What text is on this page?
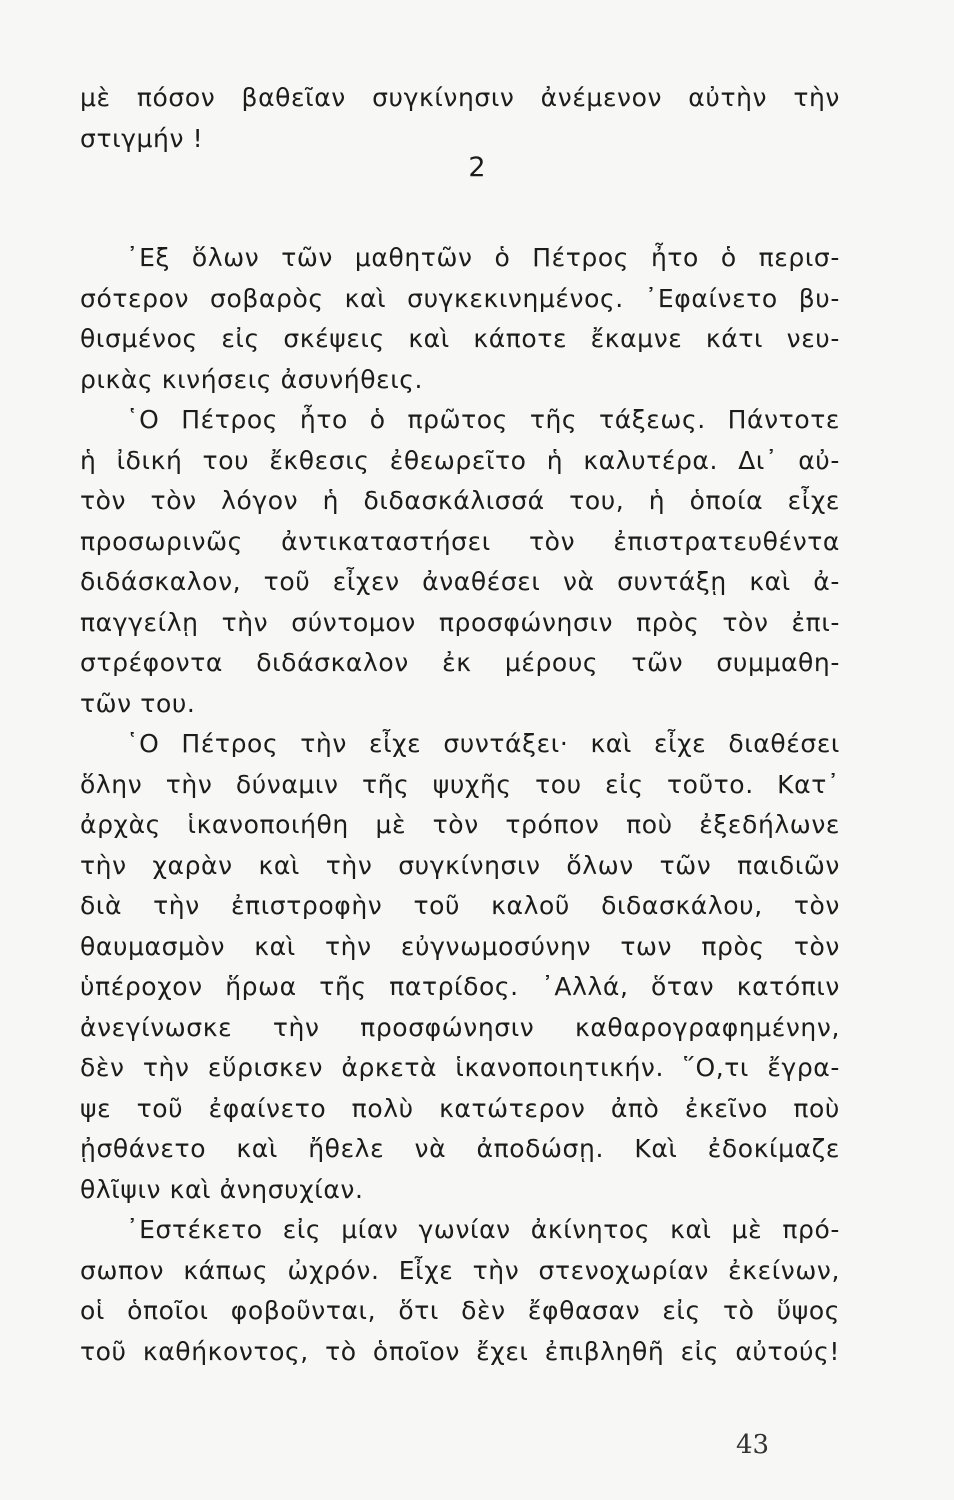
μὲ πόσον βαθεῖαν συγκίνησιν ἀνέμενον αὐτὴν τὴν
στιγμήν !
2
᾿Εξ ὅλων τῶν μαθητῶν ὁ Πέτρος ἦτο ὁ περισ-
σότερον σοβαρὸς καὶ συγκεκινημένος. ᾿Εφαίνετο βυ-
θισμένος εἰς σκέψεις καὶ κάποτε ἔκαμνε κάτι νευ-
ρικὰς κινήσεις ἀσυνήθεις.
῾Ο Πέτρος ἦτο ὁ πρῶτος τῆς τάξεως. Πάντοτε
ἡ ἰδική του ἔκθεσις ἐθεωρεῖτο ἡ καλυτέρα. Δι᾿ αὐ-
τὸν τὸν λόγον ἡ διδασκάλισσά του, ἡ ὁποία εἶχε
προσωρινῶς ἀντικαταστήσει τὸν ἐπιστρατευθέντα
διδάσκαλον, τοῦ εἶχεν ἀναθέσει νὰ συντάξῃ καὶ ἀ-
παγγείλῃ τὴν σύντομον προσφώνησιν πρὸς τὸν ἐπι-
στρέφοντα διδάσκαλον ἐκ μέρους τῶν συμμαθη-
τῶν του.
῾Ο Πέτρος τὴν εἶχε συντάξει· καὶ εἶχε διαθέσει
ὅλην τὴν δύναμιν τῆς ψυχῆς του εἰς τοῦτο. Κατ᾿
ἀρχὰς ἱκανοποιήθη μὲ τὸν τρόπον ποὺ ἐξεδήλωνε
τὴν χαρὰν καὶ τὴν συγκίνησιν ὅλων τῶν παιδιῶν
διὰ τὴν ἐπιστροφὴν τοῦ καλοῦ διδασκάλου, τὸν
θαυμασμὸν καὶ τὴν εὐγνωμοσύνην των πρὸς τὸν
ὑπέροχον ἥρωα τῆς πατρίδος. ᾿Αλλά, ὅταν κατόπιν
ἀνεγίνωσκε τὴν προσφώνησιν καθαρογραφημένην,
δὲν τὴν εὕρισκεν ἀρκετὰ ἱκανοποιητικήν. ῞Ο,τι ἔγρα-
ψε τοῦ ἐφαίνετο πολὺ κατώτερον ἀπὸ ἐκεῖνο ποὺ
ᾐσθάνετο καὶ ἤθελε νὰ ἀποδώσῃ. Καὶ ἐδοκίμαζε
θλῖψιν καὶ ἀνησυχίαν.
᾿Εστέκετο εἰς μίαν γωνίαν ἀκίνητος καὶ μὲ πρό-
σωπον κάπως ὠχρόν. Εἶχε τὴν στενοχωρίαν ἐκείνων,
οἱ ὁποῖοι φοβοῦνται, ὅτι δὲν ἔφθασαν εἰς τὸ ὕψος
τοῦ καθήκοντος, τὸ ὁποῖον ἔχει ἐπιβληθῆ εἰς αὐτούς!
43
